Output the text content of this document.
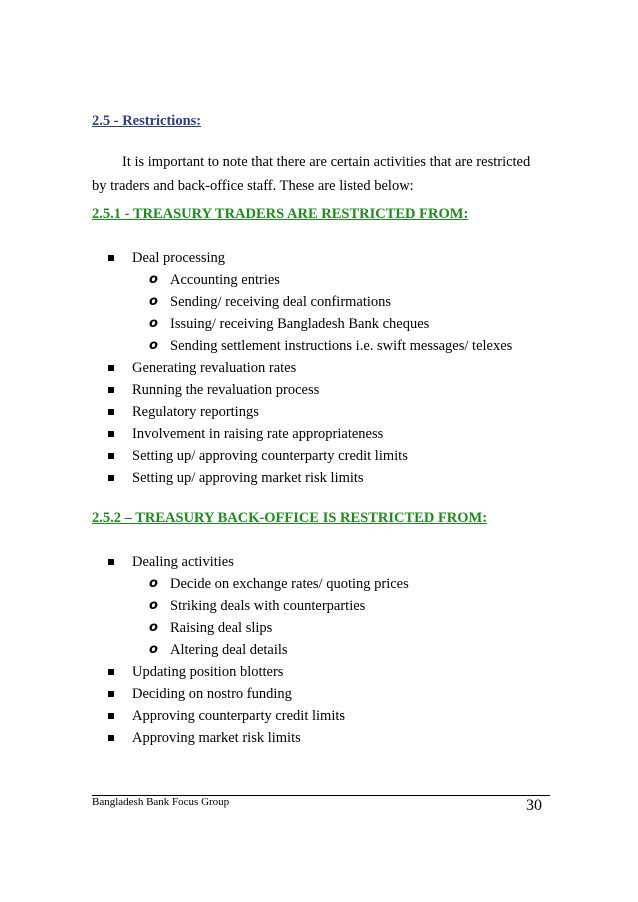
2.5 - Restrictions:

It is important to note that there are certain activities that are restricted
by traders and back-office staff. These are listed below:

2.5.1 - TREASURY TRADERS ARE RESTRICTED FROM:
Deal processing
o Accounting entries
o Sending/ receiving deal confirmations
o Issuing/ receiving Bangladesh Bank cheques
o Sending settlement instructions i.e. swift messages/ telexes
Generating revaluation rates
Running the revaluation process
Regulatory reportings
Involvement in raising rate appropriateness
Setting up/ approving counterparty credit limits
Setting up/ approving market risk limits
2.5.2 – TREASURY BACK-OFFICE IS RESTRICTED FROM:
Dealing activities
o Decide on exchange rates/ quoting prices
o Striking deals with counterparties
o Raising deal slips
o Altering deal details
Updating position blotters
Deciding on nostro funding
Approving counterparty credit limits
Approving market risk limits
Bangladesh Bank Focus Group	30
